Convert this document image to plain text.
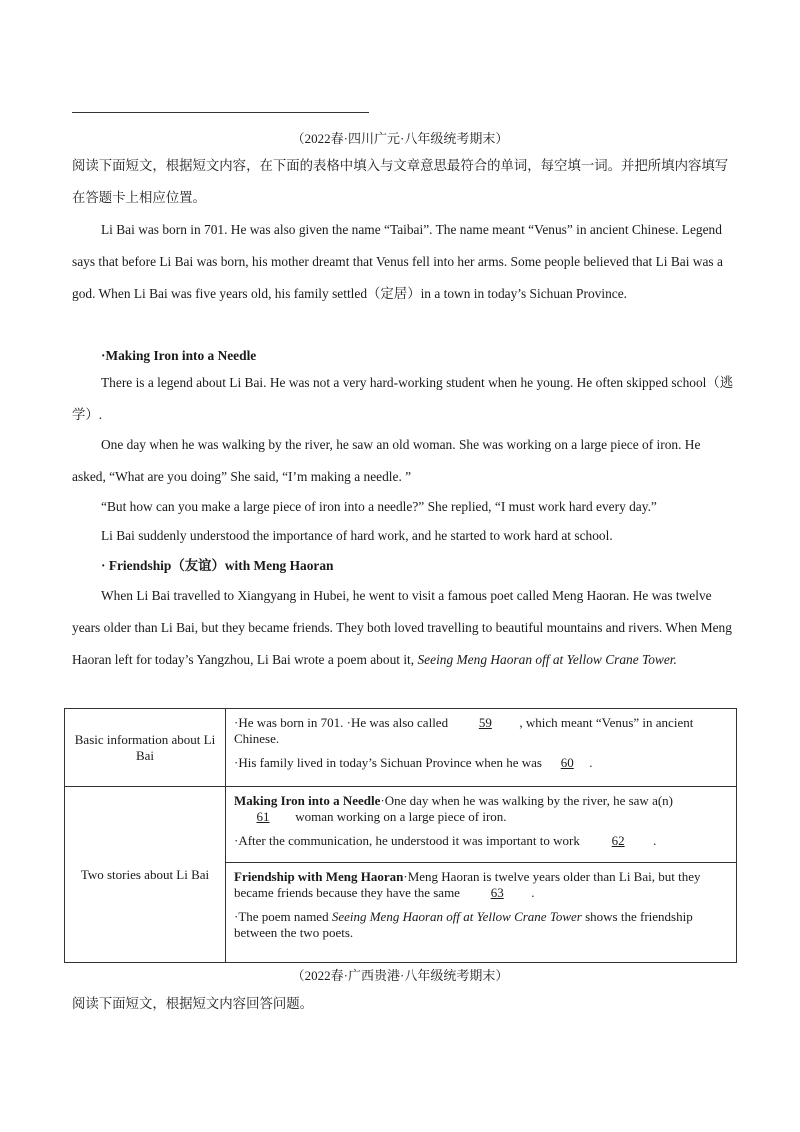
（2022春·四川广元·八年级统考期末）
阅读下面短文，根据短文内容，在下面的表格中填入与文章意思最符合的单词，每空填一词。并把所填内容填写在答题卡上相应位置。
Li Bai was born in 701. He was also given the name “Taibai”. The name meant “Venus” in ancient Chinese. Legend says that before Li Bai was born, his mother dreamt that Venus fell into her arms. Some people believed that Li Bai was a god. When Li Bai was five years old, his family settled（定居）in a town in today’s Sichuan Province.
·Making Iron into a Needle
There is a legend about Li Bai. He was not a very hard-working student when he young. He often skipped school（逃学）.
One day when he was walking by the river, he saw an old woman. She was working on a large piece of iron. He asked, “What are you doing” She said, “I’m making a needle. ”
“But how can you make a large piece of iron into a needle?” She replied, “I must work hard every day.”
Li Bai suddenly understood the importance of hard work, and he started to work hard at school.
· Friendship（友谊）with Meng Haoran
When Li Bai travelled to Xiangyang in Hubei, he went to visit a famous poet called Meng Haoran. He was twelve years older than Li Bai, but they became friends. They both loved travelling to beautiful mountains and rivers. When Meng Haoran left for today’s Yangzhou, Li Bai wrote a poem about it, Seeing Meng Haoran off at Yellow Crane Tower.
Basic information about Li Bai	·He was born in 701. ·He was also called 59 , which meant “Venus” in ancient Chinese.
·His family lived in today’s Sichuan Province when he was 60 .

Two stories about Li Bai	Making Iron into a Needle·One day when he was walking by the river, he saw a(n) 61 woman working on a large piece of iron.
·After the communication, he understood it was important to work 62 .

	Friendship with Meng Haoran·Meng Haoran is twelve years older than Li Bai, but they became friends because they have the same 63 .
·The poem named Seeing Meng Haoran off at Yellow Crane Tower shows the friendship between the two poets.
（2022春·广西贵港·八年级统考期末）
阅读下面短文，根据短文内容回答问题。
